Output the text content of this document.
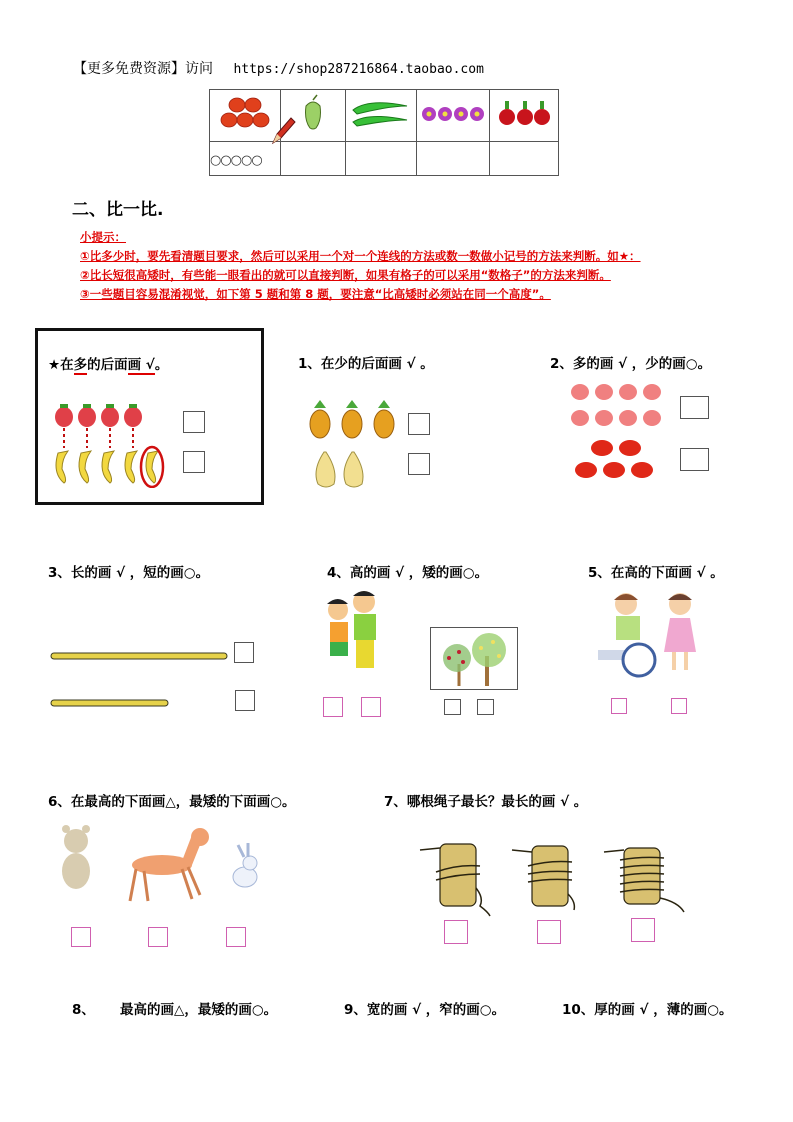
【更多免费资源】访问 https://shop287216864.taobao.com

○○○○○

二、比一比.
小提示：
①比多少时，要先看清题目要求，然后可以采用一个对一个连线的方法或数一数做小记号的方法来判断。如★：
②比长短很高矮时，有些能一眼看出的就可以直接判断，如果有格子的可以采用“数格子”的方法来判断。
③一些题目容易混淆视觉，如下第 5 题和第 8 题，要注意“比高矮时必须站在同一个高度”。
★在多的后面画 √。	1、在少的后面画 √ 。	2、多的画 √ ，少的画○。
3、长的画 √ ，短的画○。	4、高的画 √ ，矮的画○。	5、在高的下面画 √ 。
6、在最高的下面画△，最矮的下面画○。	7、哪根绳子最长？最长的画 √ 。
8、 最高的画△，最矮的画○。	9、宽的画 √ ，窄的画○。	10、厚的画 √ ，薄的画○。
